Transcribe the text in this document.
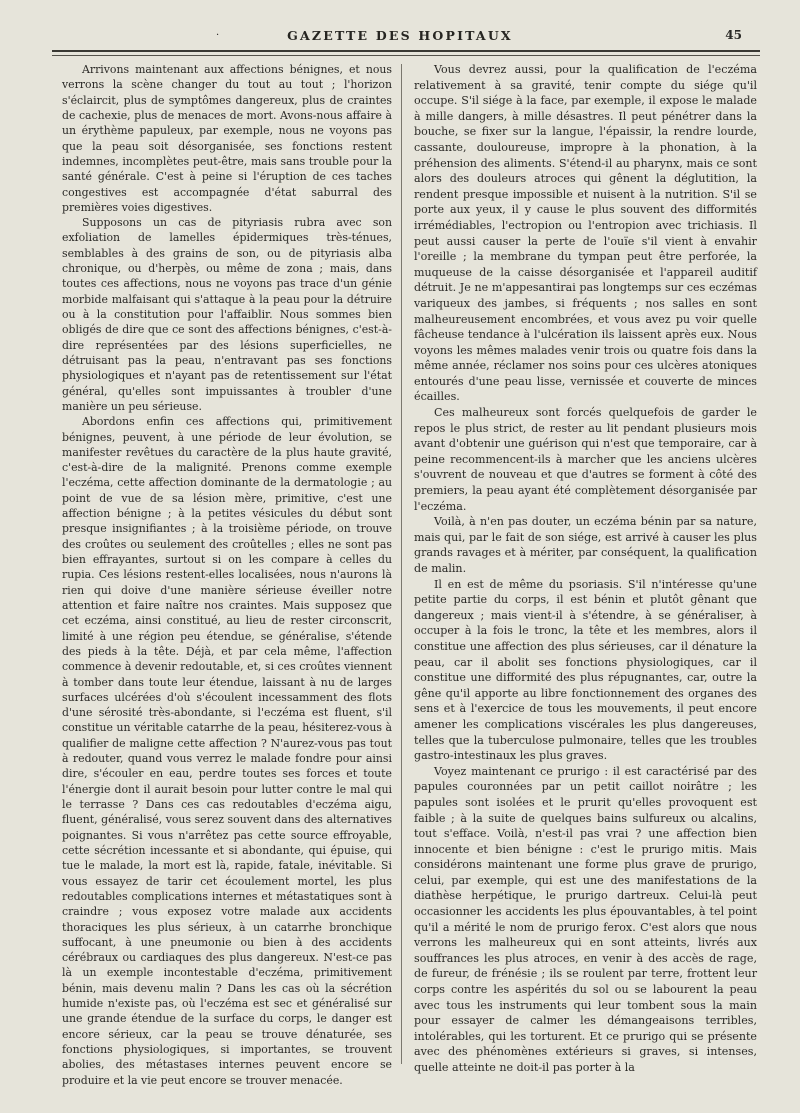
·	GAZETTE DES HOPITAUX	45

Arrivons maintenant aux affections bénignes, et nous verrons la scène changer du tout au tout ; l'horizon s'éclaircit, plus de symptômes dangereux, plus de craintes de cachexie, plus de menaces de mort. Avons-nous affaire à un érythème papuleux, par exemple, nous ne voyons pas que la peau soit désorganisée, ses fonctions restent indemnes, incomplètes peut-être, mais sans trouble pour la santé générale. C'est à peine si l'éruption de ces taches congestives est accompagnée d'état saburral des premières voies digestives.

Supposons un cas de pityriasis rubra avec son exfoliation de lamelles épidermiques très-ténues, semblables à des grains de son, ou de pityriasis alba chronique, ou d'herpès, ou même de zona ; mais, dans toutes ces affections, nous ne voyons pas trace d'un génie morbide malfaisant qui s'attaque à la peau pour la détruire ou à la constitution pour l'affaiblir. Nous sommes bien obligés de dire que ce sont des affections bénignes, c'est-à-dire représentées par des lésions superficielles, ne détruisant pas la peau, n'entravant pas ses fonctions physiologiques et n'ayant pas de retentissement sur l'état général, qu'elles sont impuissantes à troubler d'une manière un peu sérieuse.

Abordons enfin ces affections qui, primitivement bénignes, peuvent, à une période de leur évolution, se manifester revêtues du caractère de la plus haute gravité, c'est-à-dire de la malignité. Prenons comme exemple l'eczéma, cette affection dominante de la dermatologie ; au point de vue de sa lésion mère, primitive, c'est une affection bénigne ; à la petites vésicules du début sont presque insignifiantes ; à la troisième période, on trouve des croûtes ou seulement des croûtelles ; elles ne sont pas bien effrayantes, surtout si on les compare à celles du rupia. Ces lésions restent-elles localisées, nous n'aurons là rien qui doive d'une manière sérieuse éveiller notre attention et faire naître nos craintes. Mais supposez que cet eczéma, ainsi constitué, au lieu de rester circonscrit, limité à une région peu étendue, se généralise, s'étende des pieds à la tête. Déjà, et par cela même, l'affection commence à devenir redoutable, et, si ces croûtes viennent à tomber dans toute leur étendue, laissant à nu de larges surfaces ulcérées d'où s'écoulent incessamment des flots d'une sérosité très-abondante, si l'eczéma est fluent, s'il constitue un véritable catarrhe de la peau, hésiterez-vous à qualifier de maligne cette affection ? N'aurez-vous pas tout à redouter, quand vous verrez le malade fondre pour ainsi dire, s'écouler en eau, perdre toutes ses forces et toute l'énergie dont il aurait besoin pour lutter contre le mal qui le terrasse ? Dans ces cas redoutables d'eczéma aigu, fluent, généralisé, vous serez souvent dans des alternatives poignantes. Si vous n'arrêtez pas cette source effroyable, cette sécrétion incessante et si abondante, qui épuise, qui tue le malade, la mort est là, rapide, fatale, inévitable. Si vous essayez de tarir cet écoulement mortel, les plus redoutables complications internes et métastatiques sont à craindre ; vous exposez votre malade aux accidents thoraciques les plus sérieux, à un catarrhe bronchique suffocant, à une pneumonie ou bien à des accidents cérébraux ou cardiaques des plus dangereux. N'est-ce pas là un exemple incontestable d'eczéma, primitivement bénin, mais devenu malin ? Dans les cas où la sécrétion humide n'existe pas, où l'eczéma est sec et généralisé sur une grande étendue de la surface du corps, le danger est encore sérieux, car la peau se trouve dénaturée, ses fonctions physiologiques, si importantes, se trouvent abolies, des métastases internes peuvent encore se produire et la vie peut encore se trouver menacée.

Vous devrez aussi, pour la qualification de l'eczéma relativement à sa gravité, tenir compte du siége qu'il occupe. S'il siége à la face, par exemple, il expose le malade à mille dangers, à mille désastres. Il peut pénétrer dans la bouche, se fixer sur la langue, l'épaissir, la rendre lourde, cassante, douloureuse, impropre à la phonation, à la préhension des aliments. S'étend-il au pharynx, mais ce sont alors des douleurs atroces qui gênent la déglutition, la rendent presque impossible et nuisent à la nutrition. S'il se porte aux yeux, il y cause le plus souvent des difformités irrémédiables, l'ectropion ou l'entropion avec trichiasis. Il peut aussi causer la perte de l'ouïe s'il vient à envahir l'oreille ; la membrane du tympan peut être perforée, la muqueuse de la caisse désorganisée et l'appareil auditif détruit. Je ne m'appesantirai pas longtemps sur ces eczémas variqueux des jambes, si fréquents ; nos salles en sont malheureusement encombrées, et vous avez pu voir quelle fâcheuse tendance à l'ulcération ils laissent après eux. Nous voyons les mêmes malades venir trois ou quatre fois dans la même année, réclamer nos soins pour ces ulcères atoniques entourés d'une peau lisse, vernissée et couverte de minces écailles.

Ces malheureux sont forcés quelquefois de garder le repos le plus strict, de rester au lit pendant plusieurs mois avant d'obtenir une guérison qui n'est que temporaire, car à peine recommencent-ils à marcher que les anciens ulcères s'ouvrent de nouveau et que d'autres se forment à côté des premiers, la peau ayant été complètement désorganisée par l'eczéma.

Voilà, à n'en pas douter, un eczéma bénin par sa nature, mais qui, par le fait de son siége, est arrivé à causer les plus grands ravages et à mériter, par conséquent, la qualification de malin.

Il en est de même du psoriasis. S'il n'intéresse qu'une petite partie du corps, il est bénin et plutôt gênant que dangereux ; mais vient-il à s'étendre, à se généraliser, à occuper à la fois le tronc, la tête et les membres, alors il constitue une affection des plus sérieuses, car il dénature la peau, car il abolit ses fonctions physiologiques, car il constitue une difformité des plus répugnantes, car, outre la gêne qu'il apporte au libre fonctionnement des organes des sens et à l'exercice de tous les mouvements, il peut encore amener les complications viscérales les plus dangereuses, telles que la tuberculose pulmonaire, telles que les troubles gastro-intestinaux les plus graves.

Voyez maintenant ce prurigo : il est caractérisé par des papules couronnées par un petit caillot noirâtre ; les papules sont isolées et le prurit qu'elles provoquent est faible ; à la suite de quelques bains sulfureux ou alcalins, tout s'efface. Voilà, n'est-il pas vrai ? une affection bien innocente et bien bénigne : c'est le prurigo mitis. Mais considérons maintenant une forme plus grave de prurigo, celui, par exemple, qui est une des manifestations de la diathèse herpétique, le prurigo dartreux. Celui-là peut occasionner les accidents les plus épouvantables, à tel point qu'il a mérité le nom de prurigo ferox. C'est alors que nous verrons les malheureux qui en sont atteints, livrés aux souffrances les plus atroces, en venir à des accès de rage, de fureur, de frénésie ; ils se roulent par terre, frottent leur corps contre les aspérités du sol ou se labourent la peau avec tous les instruments qui leur tombent sous la main pour essayer de calmer les démangeaisons terribles, intolérables, qui les torturent. Et ce prurigo qui se présente avec des phénomènes extérieurs si graves, si intenses, quelle atteinte ne doit-il pas porter à la
